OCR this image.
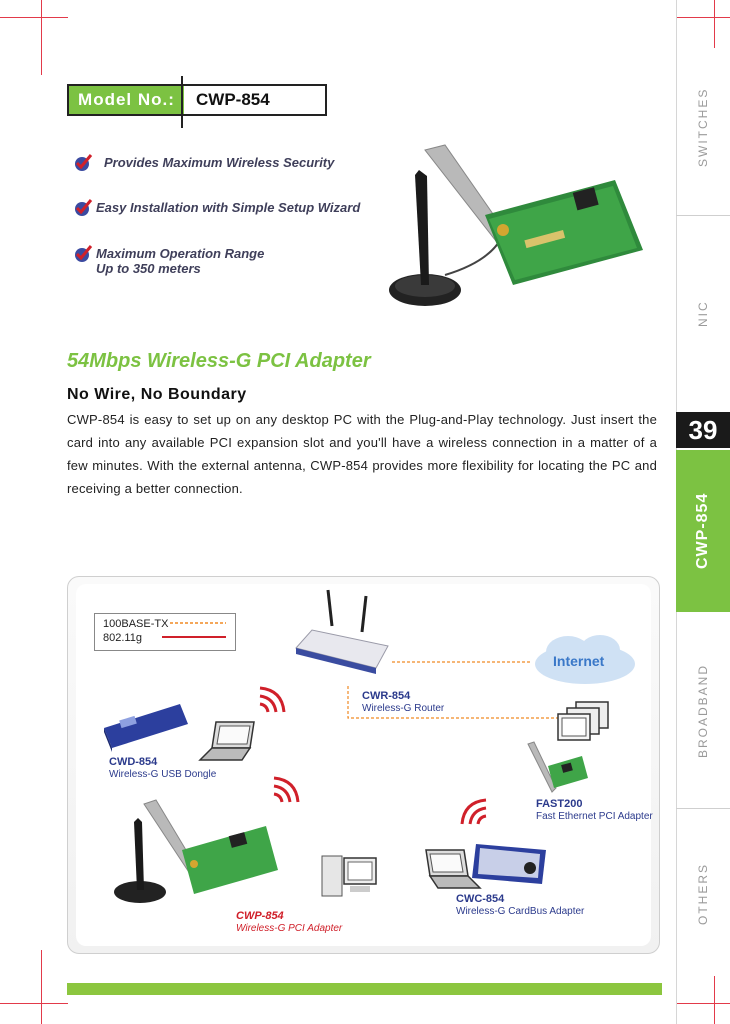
SWITCHES
NIC
39
CWP-854
BROADBAND
OTHERS
Model No.:	CWP-854
Provides Maximum Wireless Security
Easy Installation with Simple Setup Wizard
Maximum Operation Range
Up to 350 meters
54Mbps Wireless-G PCI Adapter
No Wire, No Boundary
CWP-854 is easy to set up on any desktop PC with the Plug-and-Play technology. Just insert the card into any available PCI expansion slot and you'll have a wireless connection in a matter of a few minutes. With the external antenna, CWP-854 provides more flexibility for locating the PC and receiving a better connection.
100BASE-TX
802.11g
Internet
CWR-854
Wireless-G Router
CWD-854
Wireless-G USB Dongle
FAST200
Fast Ethernet PCI Adapter
CWP-854
Wireless-G PCI Adapter
CWC-854
Wireless-G CardBus Adapter
